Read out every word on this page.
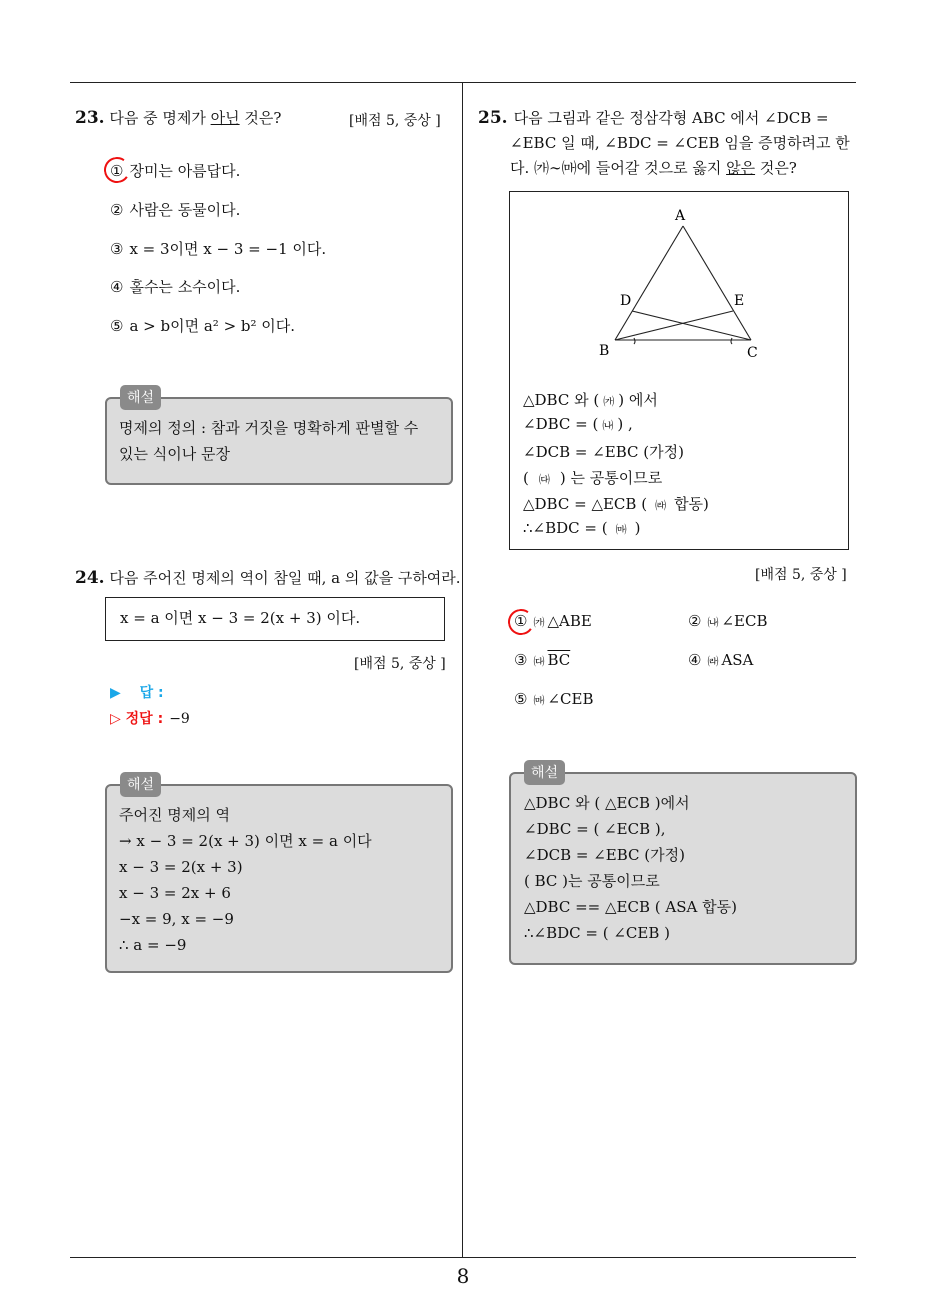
23. 다음 중 명제가 아닌 것은?	[배점 5, 중상 ]
① 장미는 아름답다.
② 사람은 동물이다.
③ x = 3이면 x − 3 = −1 이다.
④ 홀수는 소수이다.
⑤ a > b이면 a² > b² 이다.
명제의 정의 : 참과 거짓을 명확하게 판별할 수
있는 식이나 문장
해설
24. 다음 주어진 명제의 역이 참일 때, a 의 값을 구하여라.
x = a 이면 x − 3 = 2(x + 3) 이다.
[배점 5, 중상 ]
▶ 답 :
▷ 정답 : −9
주어진 명제의 역
→ x − 3 = 2(x + 3) 이면 x = a 이다
x − 3 = 2(x + 3)
x − 3 = 2x + 6
−x = 9, x = −9
∴ a = −9
해설
25. 다음 그림과 같은 정삼각형 ABC 에서 ∠DCB =
∠EBC 일 때, ∠BDC = ∠CEB 임을 증명하려고 한
다. ㈎∼㈒에 들어갈 것으로 옳지 않은 것은?
A
D	E
B	C
△DBC 와 ( ㈎ ) 에서
∠DBC = ( ㈏ ) ,
∠DCB = ∠EBC (가정)
( ㈐ ) 는 공통이므로
△DBC = △ECB ( ㈑ 합동)
∴∠BDC = ( ㈒ )
[배점 5, 중상 ]
① ㈎ △ABE	② ㈏ ∠ECB
③ ㈐ $\overline{BC}$	④ ㈑ ASA
⑤ ㈒ ∠CEB
△DBC 와 ( △ECB )에서
∠DBC = ( ∠ECB ),
∠DCB = ∠EBC (가정)
( BC )는 공통이므로
△DBC == △ECB ( ASA 합동)
∴∠BDC = ( ∠CEB )
해설
8
